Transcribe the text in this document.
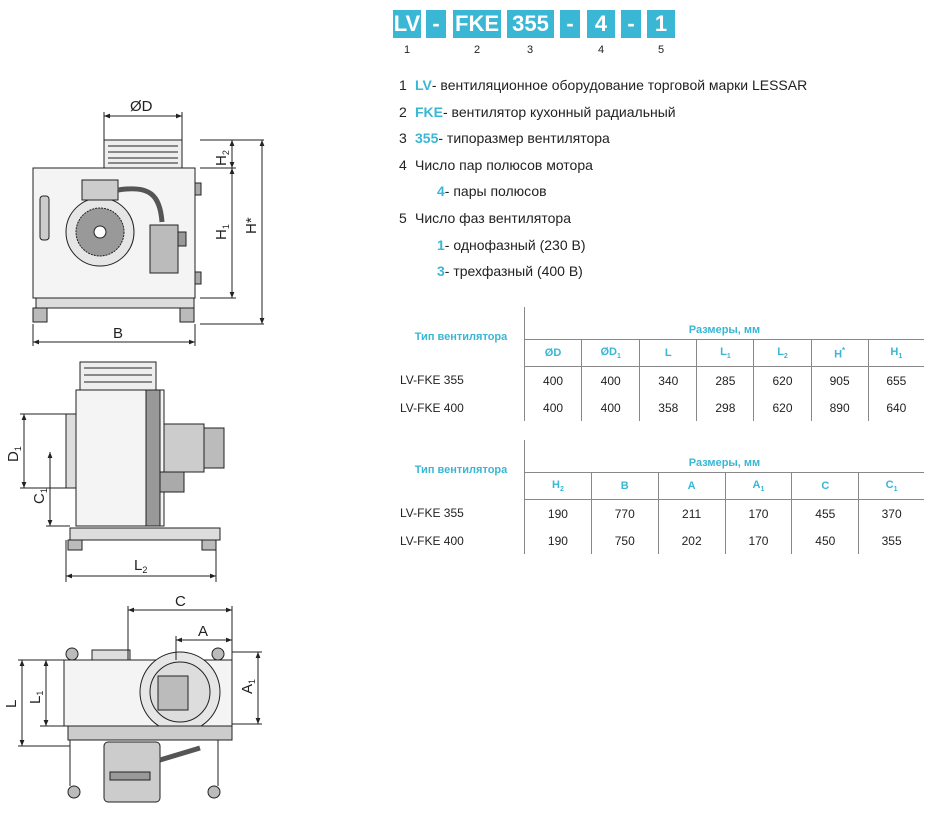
LV - FKE 355 - 4 - 1
1	2	3	4	5
1 LV - вентиляционное оборудование торговой марки LESSAR
2 FKE - вентилятор кухонный радиальный
3 355 - типоразмер вентилятора
4 Число пар полюсов мотора
4 - пары полюсов
5 Число фаз вентилятора
1 - однофазный (230 В)
3 - трехфазный (400 В)
Тип вентилятора	Размеры, мм						
	ØD	$ØD_1$	L	$L_1$	$L_2$	H*	$H_1$
LV-FKE 355	400	400	340	285	620	905	655
LV-FKE 400	400	400	358	298	620	890	640
Тип вентилятора	Размеры, мм					
	$H_2$	B	A	$A_1$	C	$C_1$
LV-FKE 355	190	770	211	170	455	370
LV-FKE 400	190	750	202	170	450	355
ØD
B
$H_2$
$H_1$ H*
$D_1$
$C_1$
$L_2$
C
A
$A_1$
L $L_1$
